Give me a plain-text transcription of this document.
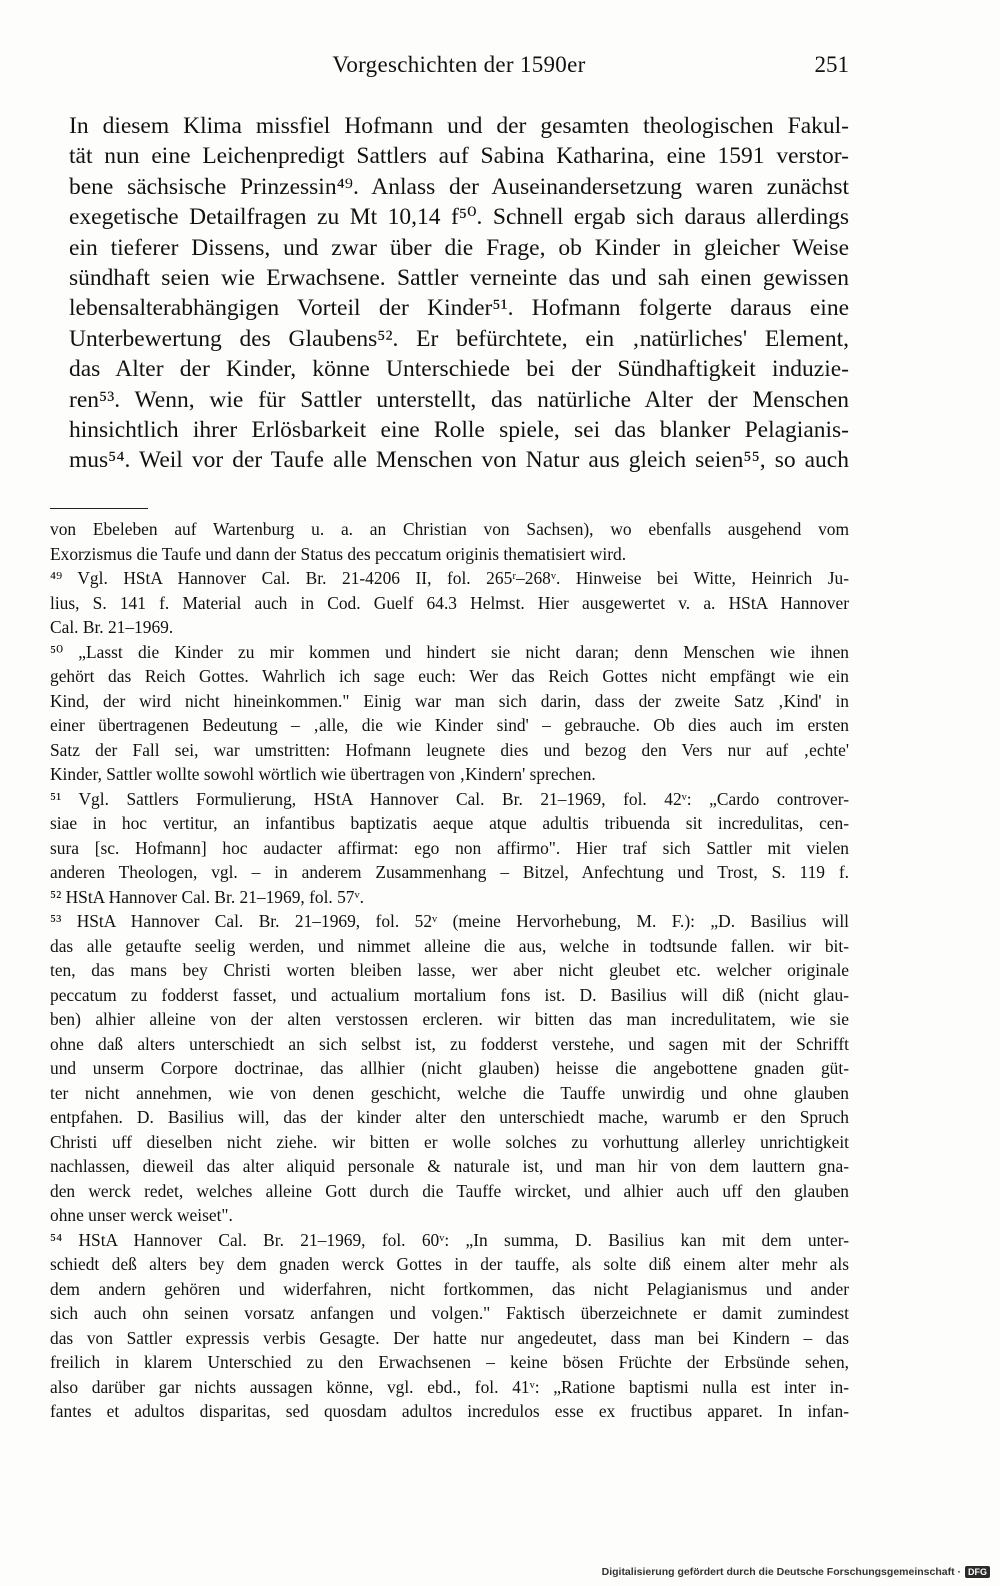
Vorgeschichten der 1590er	251
In diesem Klima missfiel Hofmann und der gesamten theologischen Fakul-
tät nun eine Leichenpredigt Sattlers auf Sabina Katharina, eine 1591 verstor-
bene sächsische Prinzessin⁴⁹. Anlass der Auseinandersetzung waren zunächst
exegetische Detailfragen zu Mt 10,14 f⁵⁰. Schnell ergab sich daraus allerdings
ein tieferer Dissens, und zwar über die Frage, ob Kinder in gleicher Weise
sündhaft seien wie Erwachsene. Sattler verneinte das und sah einen gewissen
lebensalterabhängigen Vorteil der Kinder⁵¹. Hofmann folgerte daraus eine
Unterbewertung des Glaubens⁵². Er befürchtete, ein ‚natürliches' Element,
das Alter der Kinder, könne Unterschiede bei der Sündhaftigkeit induzie-
ren⁵³. Wenn, wie für Sattler unterstellt, das natürliche Alter der Menschen
hinsichtlich ihrer Erlösbarkeit eine Rolle spiele, sei das blanker Pelagianis-
mus⁵⁴. Weil vor der Taufe alle Menschen von Natur aus gleich seien⁵⁵, so auch
von Ebeleben auf Wartenburg u. a. an Christian von Sachsen), wo ebenfalls ausgehend vom
Exorzismus die Taufe und dann der Status des peccatum originis thematisiert wird.
⁴⁹ Vgl. HStA Hannover Cal. Br. 21-4206 II, fol. 265ʳ–268ᵛ. Hinweise bei Witte, Heinrich Ju-
lius, S. 141 f. Material auch in Cod. Guelf 64.3 Helmst. Hier ausgewertet v. a. HStA Hannover
Cal. Br. 21–1969.
⁵⁰ „Lasst die Kinder zu mir kommen und hindert sie nicht daran; denn Menschen wie ihnen
gehört das Reich Gottes. Wahrlich ich sage euch: Wer das Reich Gottes nicht empfängt wie ein
Kind, der wird nicht hineinkommen." Einig war man sich darin, dass der zweite Satz ‚Kind' in
einer übertragenen Bedeutung – ‚alle, die wie Kinder sind' – gebrauche. Ob dies auch im ersten
Satz der Fall sei, war umstritten: Hofmann leugnete dies und bezog den Vers nur auf ‚echte'
Kinder, Sattler wollte sowohl wörtlich wie übertragen von ‚Kindern' sprechen.
⁵¹ Vgl. Sattlers Formulierung, HStA Hannover Cal. Br. 21–1969, fol. 42ᵛ: „Cardo controver-
siae in hoc vertitur, an infantibus baptizatis aeque atque adultis tribuenda sit incredulitas, cen-
sura [sc. Hofmann] hoc audacter affirmat: ego non affirmo". Hier traf sich Sattler mit vielen
anderen Theologen, vgl. – in anderem Zusammenhang – Bitzel, Anfechtung und Trost, S. 119 f.
⁵² HStA Hannover Cal. Br. 21–1969, fol. 57ᵛ.
⁵³ HStA Hannover Cal. Br. 21–1969, fol. 52ᵛ (meine Hervorhebung, M. F.): „D. Basilius will
das alle getaufte seelig werden, und nimmet alleine die aus, welche in todtsunde fallen. wir bit-
ten, das mans bey Christi worten bleiben lasse, wer aber nicht gleubet etc. welcher originale
peccatum zu fodderst fasset, und actualium mortalium fons ist. D. Basilius will diß (nicht glau-
ben) alhier alleine von der alten verstossen ercleren. wir bitten das man incredulitatem, wie sie
ohne daß alters unterschiedt an sich selbst ist, zu fodderst verstehe, und sagen mit der Schrifft
und unserm Corpore doctrinae, das allhier (nicht glauben) heisse die angebottene gnaden güt-
ter nicht annehmen, wie von denen geschicht, welche die Tauffe unwirdig und ohne glauben
entpfahen. D. Basilius will, das der kinder alter den unterschiedt mache, warumb er den Spruch
Christi uff dieselben nicht ziehe. wir bitten er wolle solches zu vorhuttung allerley unrichtigkeit
nachlassen, dieweil das alter aliquid personale & naturale ist, und man hir von dem lauttern gna-
den werck redet, welches alleine Gott durch die Tauffe wircket, und alhier auch uff den glauben
ohne unser werck weiset".
⁵⁴ HStA Hannover Cal. Br. 21–1969, fol. 60ᵛ: „In summa, D. Basilius kan mit dem unter-
schiedt deß alters bey dem gnaden werck Gottes in der tauffe, als solte diß einem alter mehr als
dem andern gehören und widerfahren, nicht fortkommen, das nicht Pelagianismus und ander
sich auch ohn seinen vorsatz anfangen und volgen." Faktisch überzeichnete er damit zumindest
das von Sattler expressis verbis Gesagte. Der hatte nur angedeutet, dass man bei Kindern – das
freilich in klarem Unterschied zu den Erwachsenen – keine bösen Früchte der Erbsünde sehen,
also darüber gar nichts aussagen könne, vgl. ebd., fol. 41ᵛ: „Ratione baptismi nulla est inter in-
fantes et adultos disparitas, sed quosdam adultos incredulos esse ex fructibus apparet. In infan-
Digitalisierung gefördert durch die Deutsche Forschungsgemeinschaft · DFG
